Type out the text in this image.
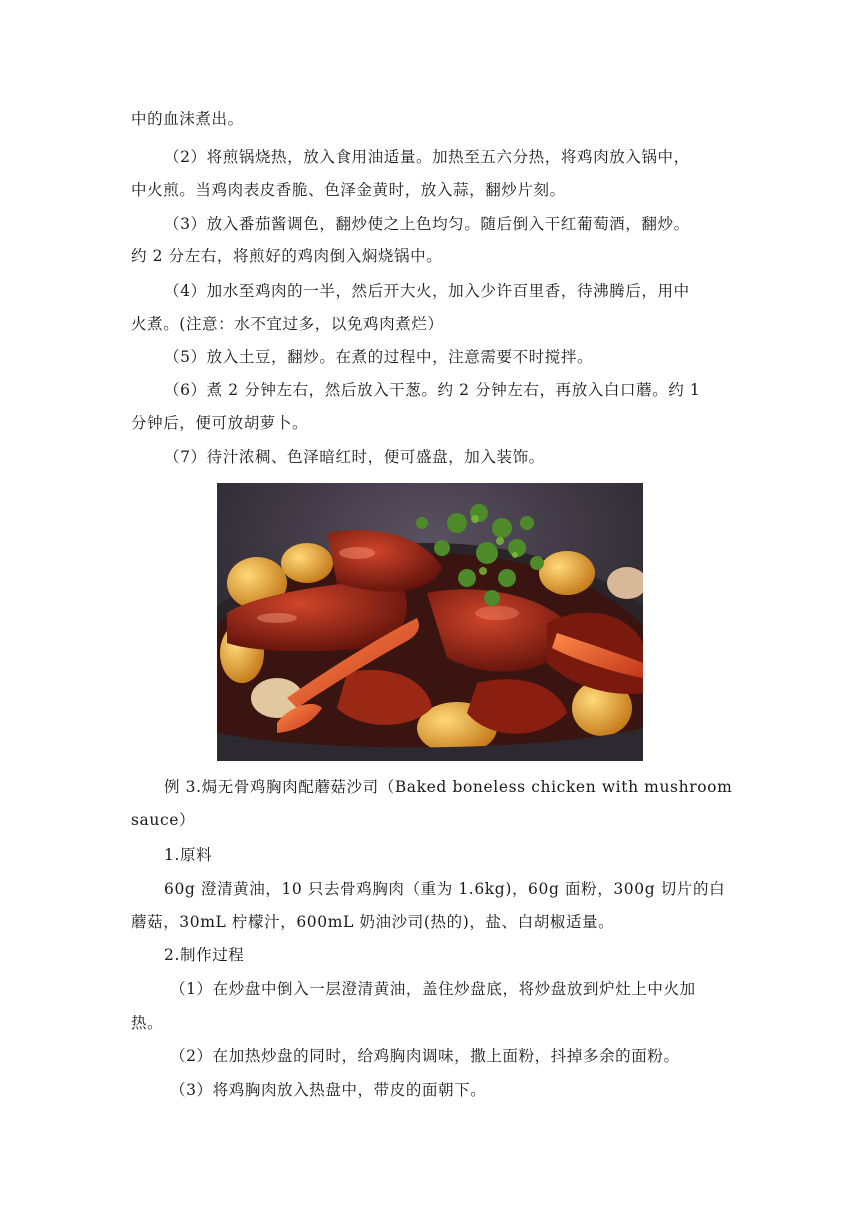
中的血沫煮出。
（2）将煎锅烧热，放入食用油适量。加热至五六分热，将鸡肉放入锅中，
中火煎。当鸡肉表皮香脆、色泽金黄时，放入蒜，翻炒片刻。
（3）放入番茄酱调色，翻炒使之上色均匀。随后倒入干红葡萄酒，翻炒。
约 2 分左右，将煎好的鸡肉倒入焖烧锅中。
（4）加水至鸡肉的一半，然后开大火，加入少许百里香，待沸腾后，用中
火煮。(注意：水不宜过多，以免鸡肉煮烂）
（5）放入土豆，翻炒。在煮的过程中，注意需要不时搅拌。
（6）煮 2 分钟左右，然后放入干葱。约 2 分钟左右，再放入白口蘑。约 1
分钟后，便可放胡萝卜。
（7）待汁浓稠、色泽暗红时，便可盛盘，加入装饰。
例 3.焗无骨鸡胸肉配蘑菇沙司（Baked boneless chicken with mushroom
sauce）
1.原料
60g 澄清黄油，10 只去骨鸡胸肉（重为 1.6kg)，60g 面粉，300g 切片的白
蘑菇，30mL 柠檬汁，600mL 奶油沙司(热的)，盐、白胡椒适量。
2.制作过程
（1）在炒盘中倒入一层澄清黄油，盖住炒盘底，将炒盘放到炉灶上中火加
热。
（2）在加热炒盘的同时，给鸡胸肉调味，撒上面粉，抖掉多余的面粉。
（3）将鸡胸肉放入热盘中，带皮的面朝下。
